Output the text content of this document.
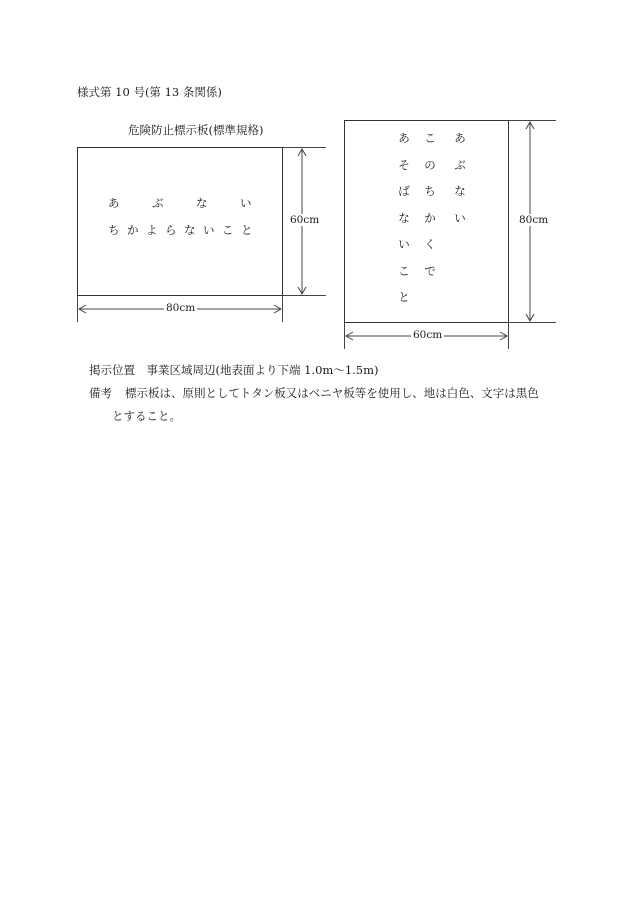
様式第 10 号(第 13 条関係)
危険防止標示板(標準規格)
あ	ぶ	な	い
ち か よ ら な い こ と
60cm
80cm
あ
そ
ば
な
い
こ
と
こ
の
ち
か
く
で
あ
ぶ
な
い	80cm
60cm
掲示位置　事業区域周辺(地表面より下端 1.0m～1.5m)
備考 標示板は、原則としてトタン板又はベニヤ板等を使用し、地は白色、文字は黒色
とすること。
